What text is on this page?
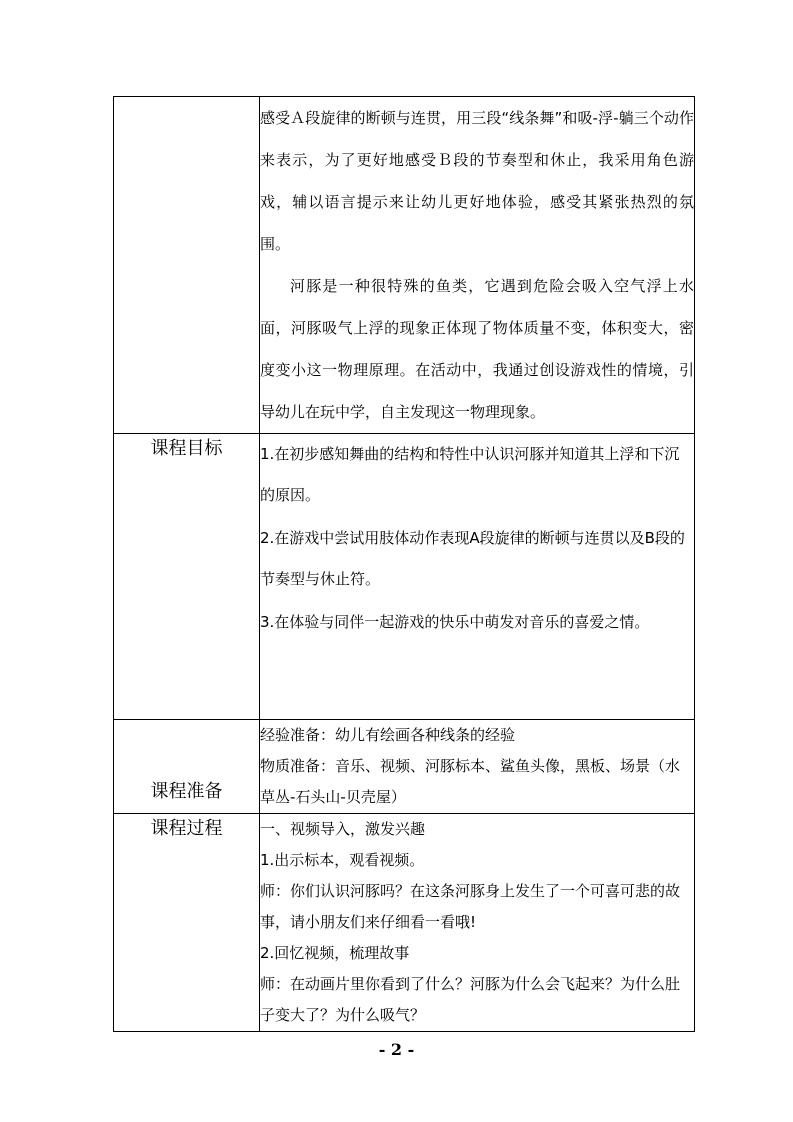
	感受Ａ段旋律的断顿与连贯，用三段“线条舞”和吸-浮-躺三个动作来表示，为了更好地感受Ｂ段的节奏型和休止，我采用角色游戏，辅以语言提示来让幼儿更好地体验，感受其紧张热烈的氛围。

河豚是一种很特殊的鱼类，它遇到危险会吸入空气浮上水面，河豚吸气上浮的现象正体现了物体质量不变，体积变大，密度变小这一物理原理。在活动中，我通过创设游戏性的情境，引导幼儿在玩中学，自主发现这一物理现象。

课程目标	1.在初步感知舞曲的结构和特性中认识河豚并知道其上浮和下沉的原因。

2.在游戏中尝试用肢体动作表现A段旋律的断顿与连贯以及B段的节奏型与休止符。

3.在体验与同伴一起游戏的快乐中萌发对音乐的喜爱之情。

课程准备	经验准备：幼儿有绘画各种线条的经验

物质准备：音乐、视频、河豚标本、鲨鱼头像，黑板、场景（水草丛-石头山-贝壳屋）

课程过程	一、视频导入，激发兴趣

1.出示标本，观看视频。

师：你们认识河豚吗？在这条河豚身上发生了一个可喜可悲的故事，请小朋友们来仔细看一看哦!

2.回忆视频，梳理故事

师：在动画片里你看到了什么？河豚为什么会飞起来？为什么肚子变大了？为什么吸气？

- 2 -
